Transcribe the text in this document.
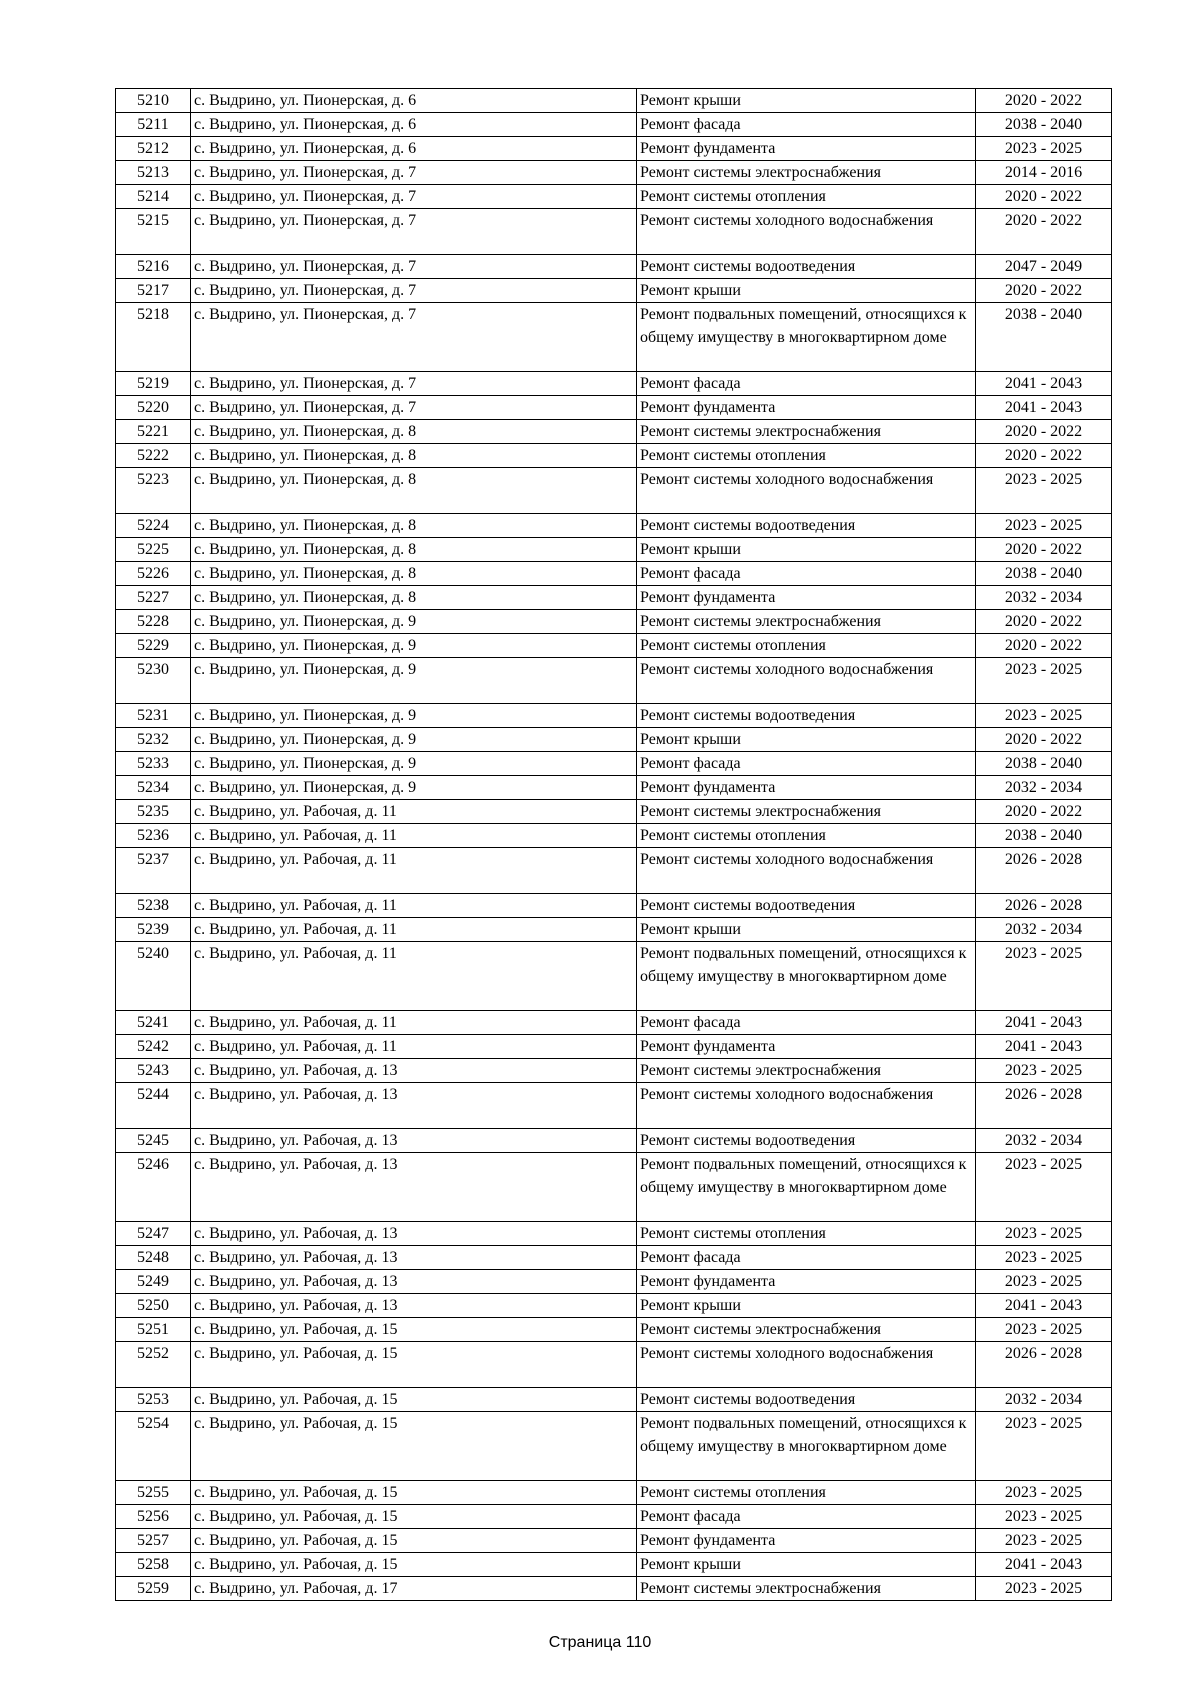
5210	с. Выдрино, ул. Пионерская, д. 6	Ремонт крыши	2020 - 2022
5211	с. Выдрино, ул. Пионерская, д. 6	Ремонт фасада	2038 - 2040
5212	с. Выдрино, ул. Пионерская, д. 6	Ремонт фундамента	2023 - 2025
5213	с. Выдрино, ул. Пионерская, д. 7	Ремонт системы электроснабжения	2014 - 2016
5214	с. Выдрино, ул. Пионерская, д. 7	Ремонт системы отопления	2020 - 2022
5215	с. Выдрино, ул. Пионерская, д. 7	Ремонт системы холодного водоснабжения	2020 - 2022
5216	с. Выдрино, ул. Пионерская, д. 7	Ремонт системы водоотведения	2047 - 2049
5217	с. Выдрино, ул. Пионерская, д. 7	Ремонт крыши	2020 - 2022
5218	с. Выдрино, ул. Пионерская, д. 7	Ремонт подвальных помещений, относящихся к общему имуществу в многоквартирном доме	2038 - 2040
5219	с. Выдрино, ул. Пионерская, д. 7	Ремонт фасада	2041 - 2043
5220	с. Выдрино, ул. Пионерская, д. 7	Ремонт фундамента	2041 - 2043
5221	с. Выдрино, ул. Пионерская, д. 8	Ремонт системы электроснабжения	2020 - 2022
5222	с. Выдрино, ул. Пионерская, д. 8	Ремонт системы отопления	2020 - 2022
5223	с. Выдрино, ул. Пионерская, д. 8	Ремонт системы холодного водоснабжения	2023 - 2025
5224	с. Выдрино, ул. Пионерская, д. 8	Ремонт системы водоотведения	2023 - 2025
5225	с. Выдрино, ул. Пионерская, д. 8	Ремонт крыши	2020 - 2022
5226	с. Выдрино, ул. Пионерская, д. 8	Ремонт фасада	2038 - 2040
5227	с. Выдрино, ул. Пионерская, д. 8	Ремонт фундамента	2032 - 2034
5228	с. Выдрино, ул. Пионерская, д. 9	Ремонт системы электроснабжения	2020 - 2022
5229	с. Выдрино, ул. Пионерская, д. 9	Ремонт системы отопления	2020 - 2022
5230	с. Выдрино, ул. Пионерская, д. 9	Ремонт системы холодного водоснабжения	2023 - 2025
5231	с. Выдрино, ул. Пионерская, д. 9	Ремонт системы водоотведения	2023 - 2025
5232	с. Выдрино, ул. Пионерская, д. 9	Ремонт крыши	2020 - 2022
5233	с. Выдрино, ул. Пионерская, д. 9	Ремонт фасада	2038 - 2040
5234	с. Выдрино, ул. Пионерская, д. 9	Ремонт фундамента	2032 - 2034
5235	с. Выдрино, ул. Рабочая, д. 11	Ремонт системы электроснабжения	2020 - 2022
5236	с. Выдрино, ул. Рабочая, д. 11	Ремонт системы отопления	2038 - 2040
5237	с. Выдрино, ул. Рабочая, д. 11	Ремонт системы холодного водоснабжения	2026 - 2028
5238	с. Выдрино, ул. Рабочая, д. 11	Ремонт системы водоотведения	2026 - 2028
5239	с. Выдрино, ул. Рабочая, д. 11	Ремонт крыши	2032 - 2034
5240	с. Выдрино, ул. Рабочая, д. 11	Ремонт подвальных помещений, относящихся к общему имуществу в многоквартирном доме	2023 - 2025
5241	с. Выдрино, ул. Рабочая, д. 11	Ремонт фасада	2041 - 2043
5242	с. Выдрино, ул. Рабочая, д. 11	Ремонт фундамента	2041 - 2043
5243	с. Выдрино, ул. Рабочая, д. 13	Ремонт системы электроснабжения	2023 - 2025
5244	с. Выдрино, ул. Рабочая, д. 13	Ремонт системы холодного водоснабжения	2026 - 2028
5245	с. Выдрино, ул. Рабочая, д. 13	Ремонт системы водоотведения	2032 - 2034
5246	с. Выдрино, ул. Рабочая, д. 13	Ремонт подвальных помещений, относящихся к общему имуществу в многоквартирном доме	2023 - 2025
5247	с. Выдрино, ул. Рабочая, д. 13	Ремонт системы отопления	2023 - 2025
5248	с. Выдрино, ул. Рабочая, д. 13	Ремонт фасада	2023 - 2025
5249	с. Выдрино, ул. Рабочая, д. 13	Ремонт фундамента	2023 - 2025
5250	с. Выдрино, ул. Рабочая, д. 13	Ремонт крыши	2041 - 2043
5251	с. Выдрино, ул. Рабочая, д. 15	Ремонт системы электроснабжения	2023 - 2025
5252	с. Выдрино, ул. Рабочая, д. 15	Ремонт системы холодного водоснабжения	2026 - 2028
5253	с. Выдрино, ул. Рабочая, д. 15	Ремонт системы водоотведения	2032 - 2034
5254	с. Выдрино, ул. Рабочая, д. 15	Ремонт подвальных помещений, относящихся к общему имуществу в многоквартирном доме	2023 - 2025
5255	с. Выдрино, ул. Рабочая, д. 15	Ремонт системы отопления	2023 - 2025
5256	с. Выдрино, ул. Рабочая, д. 15	Ремонт фасада	2023 - 2025
5257	с. Выдрино, ул. Рабочая, д. 15	Ремонт фундамента	2023 - 2025
5258	с. Выдрино, ул. Рабочая, д. 15	Ремонт крыши	2041 - 2043
5259	с. Выдрино, ул. Рабочая, д. 17	Ремонт системы электроснабжения	2023 - 2025
Страница 110
